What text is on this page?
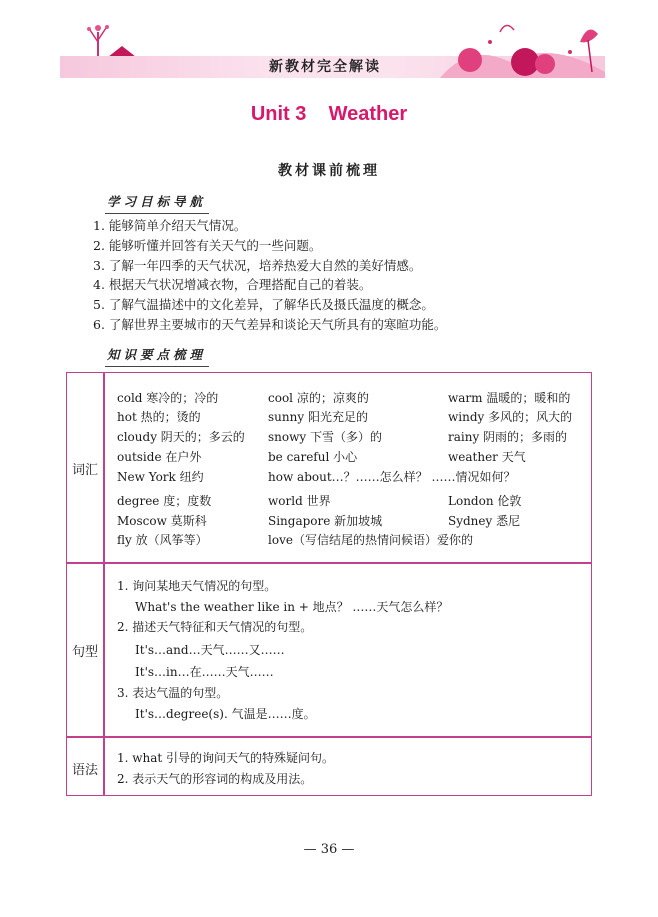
新教材完全解读
Unit 3    Weather
教材课前梳理
学习目标导航
1. 能够简单介绍天气情况。
2. 能够听懂并回答有关天气的一些问题。
3. 了解一年四季的天气状况，培养热爱大自然的美好情感。
4. 根据天气状况增减衣物，合理搭配自己的着装。
5. 了解气温描述中的文化差异，了解华氏及摄氏温度的概念。
6. 了解世界主要城市的天气差异和谈论天气所具有的寒暄功能。
知识要点梳理
词汇
cold 寒冷的；冷的	cool 凉的；凉爽的	warm 温暖的；暖和的
hot 热的；烫的	sunny 阳光充足的	windy 多风的；风大的
cloudy 阴天的；多云的 snowy 下雪（多）的	rainy 阴雨的；多雨的
outside 在户外	be careful 小心	weather 天气
New York 纽约	how about…？……怎么样？ ……情况如何？
degree 度；度数	world 世界	London 伦敦
Moscow 莫斯科	Singapore 新加坡城	Sydney 悉尼
fly 放（风筝等）	love（写信结尾的热情问候语）爱你的
句型
1. 询问某地天气情况的句型。
What's the weather like in + 地点？ ……天气怎么样？
2. 描述天气特征和天气情况的句型。
It's…and…天气……又……
It's…in…在……天气……
3. 表达气温的句型。
It's…degree(s). 气温是……度。
语法
1. what 引导的询问天气的特殊疑问句。
2. 表示天气的形容词的构成及用法。
— 36 —
